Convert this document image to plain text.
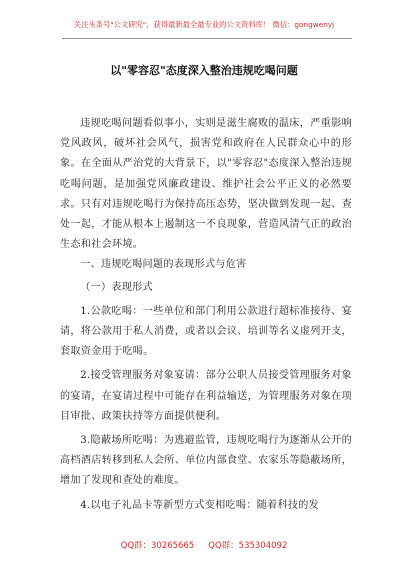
关注头条号"公文研究"，获得最新最全最专业的公文资料库！ 微信：gongwenyj
以"零容忍"态度深入整治违规吃喝问题

违规吃喝问题看似事小，实则是滋生腐败的温床，严重影响党风政风，破坏社会风气，损害党和政府在人民群众心中的形象。在全面从严治党的大背景下，以"零容忍"态度深入整治违规吃喝问题，是加强党风廉政建设、维护社会公平正义的必然要求。只有对违规吃喝行为保持高压态势，坚决做到发现一起、查处一起，才能从根本上遏制这一不良现象，营造风清气正的政治生态和社会环境。

一、违规吃喝问题的表现形式与危害

（一）表现形式

1.公款吃喝：一些单位和部门利用公款进行超标准接待、宴请，将公款用于私人消费，或者以会议、培训等名义虚列开支，套取资金用于吃喝。

2.接受管理服务对象宴请：部分公职人员接受管理服务对象的宴请，在宴请过程中可能存在利益输送，为管理服务对象在项目审批、政策扶持等方面提供便利。

3.隐蔽场所吃喝：为逃避监管，违规吃喝行为逐渐从公开的高档酒店转移到私人会所、单位内部食堂、农家乐等隐蔽场所，增加了发现和查处的难度。

4.以电子礼品卡等新型方式变相吃喝：随着科技的发

QQ群：30265665 QQ群：535304092
